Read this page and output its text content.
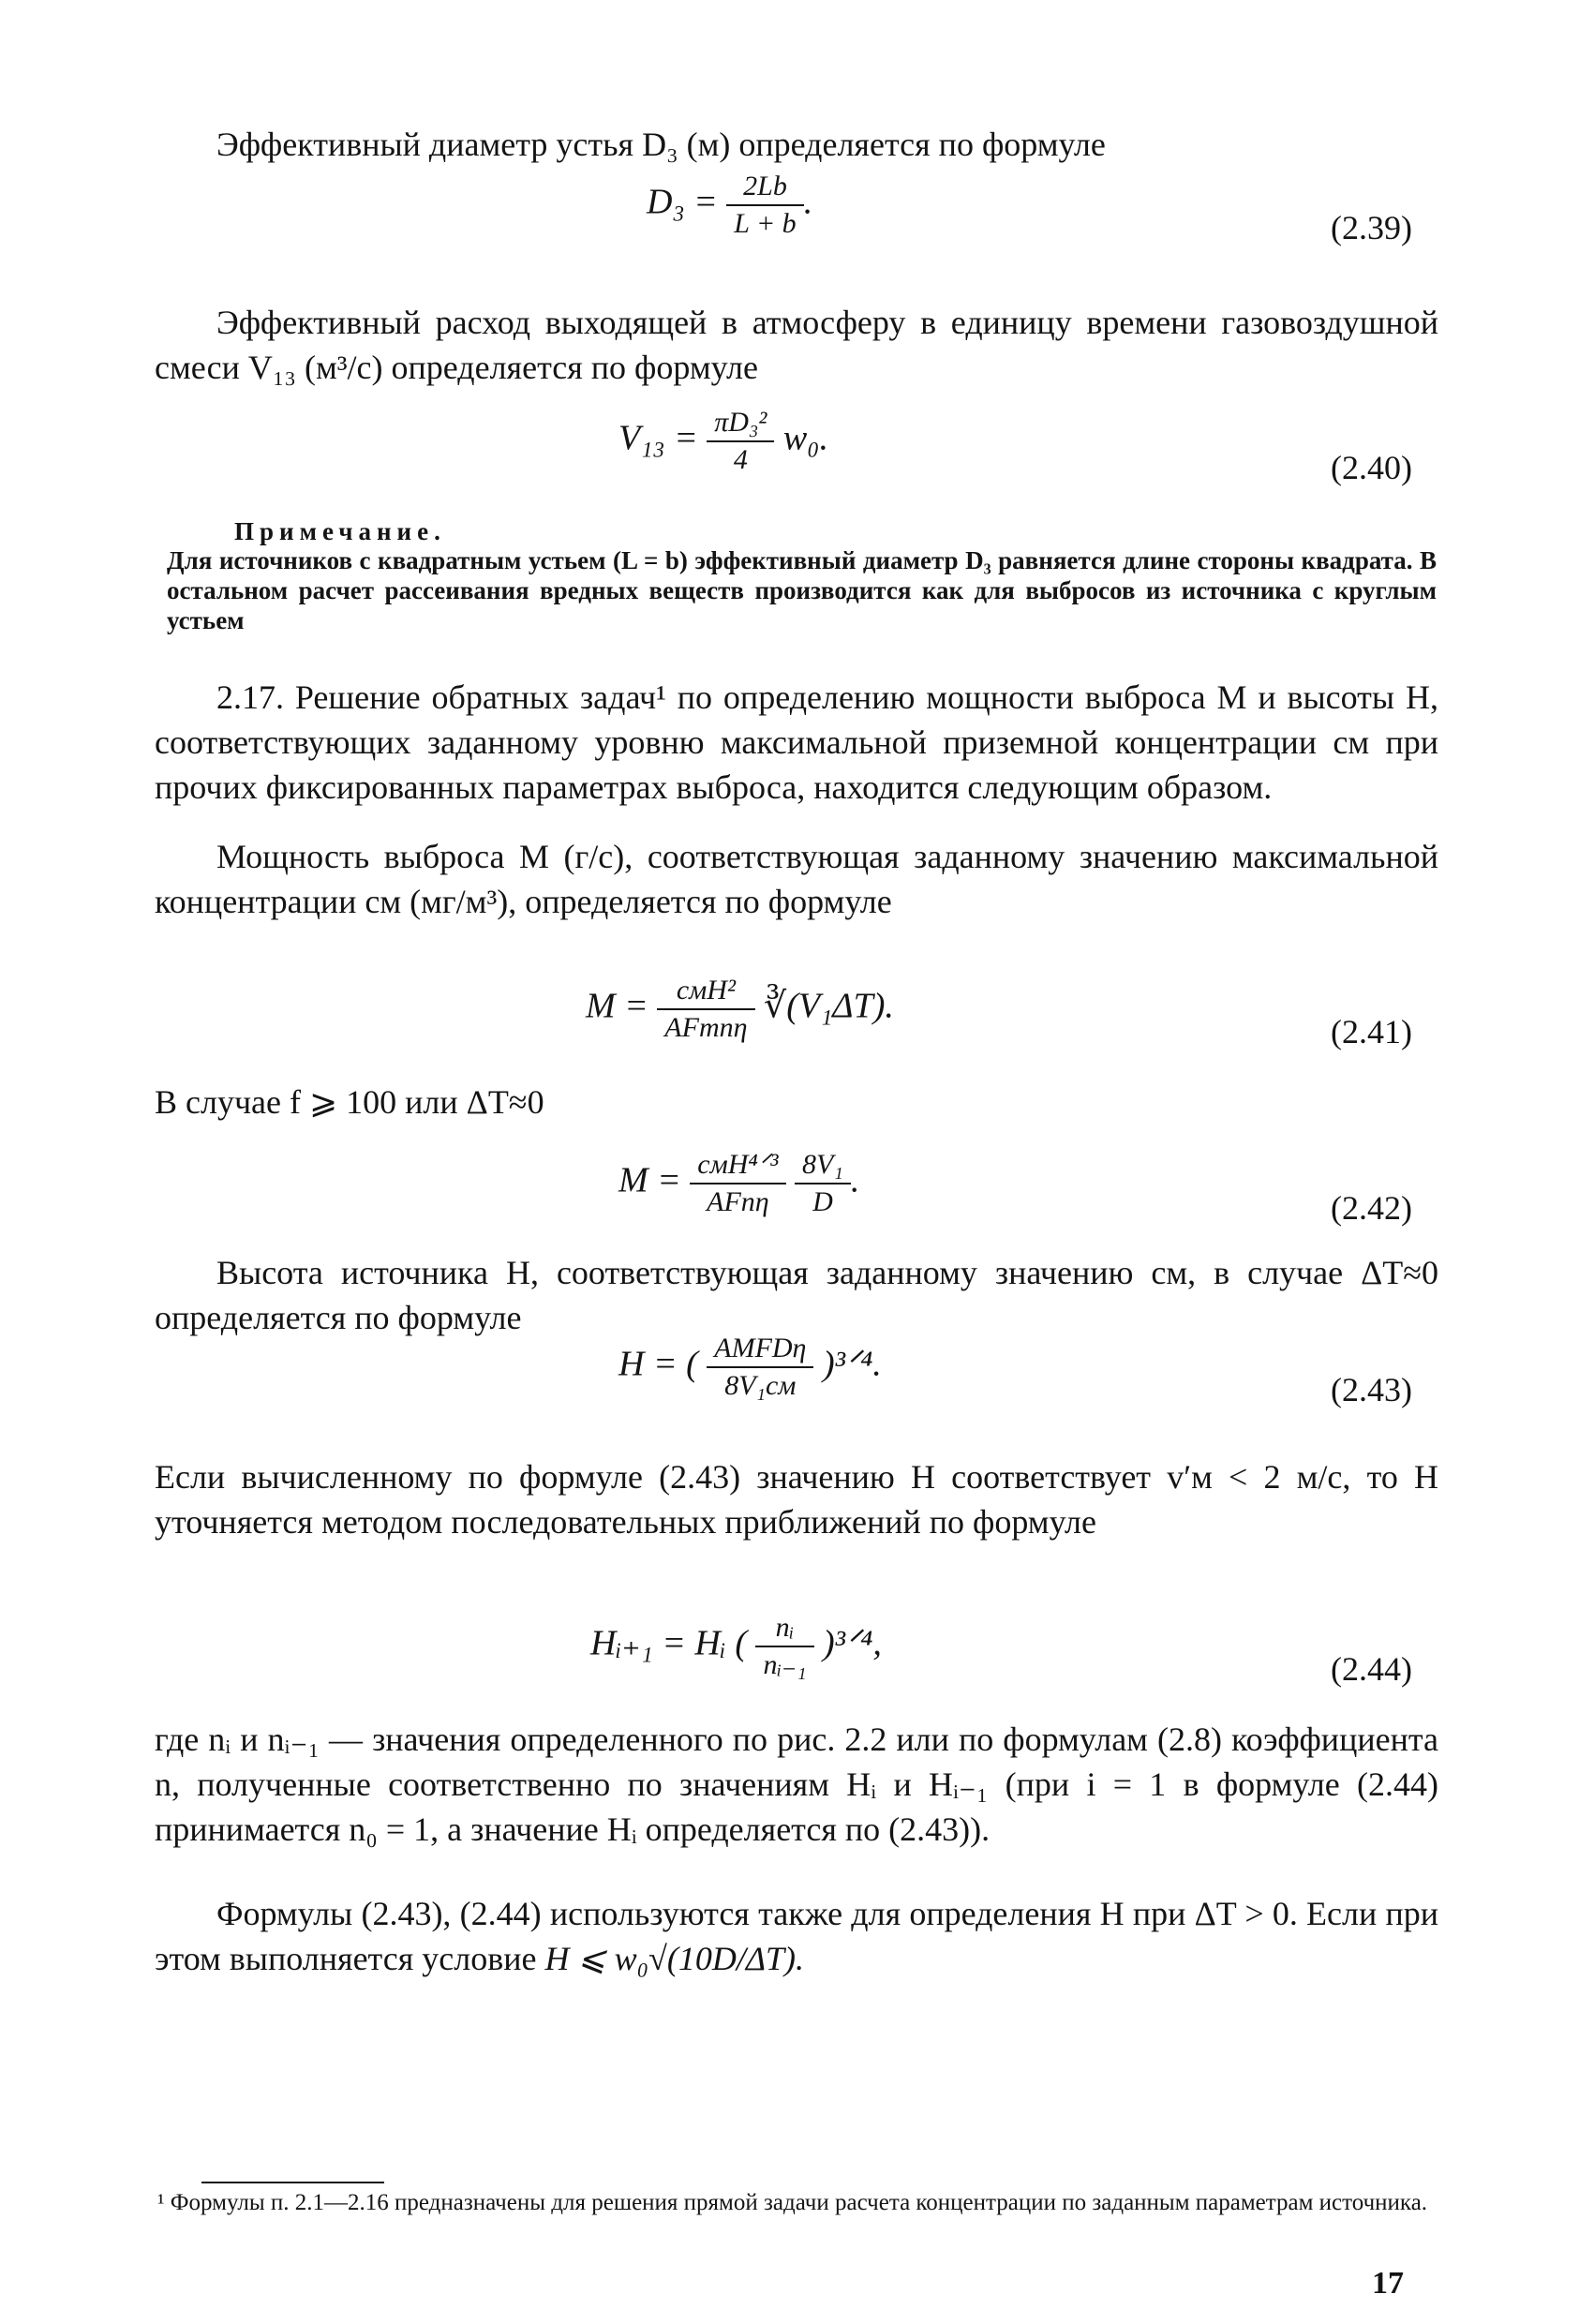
Эффективный диаметр устья D₃ (м) определяется по формуле
$D_3 = \frac{2Lb}{L + b}$ .
(2.39)
Эффективный расход выходящей в атмосферу в единицу времени газовоздушной смеси V₁₃ (м³/с) определяется по формуле
$V_{13} = \frac{\text{πD₃²}}{4} w_0$.
(2.40)
Примечание.
Для источников с квадратным устьем (L = b) эффективный диаметр D₃ равняется длине стороны квадрата. В остальном расчет рассеивания вредных веществ производится как для выбросов из источника с круглым устьем
2.17. Решение обратных задач¹ по определению мощности выброса M и высоты H, соответствующих заданному уровню максимальной приземной концентрации cм при прочих фиксированных параметрах выброса, находится следующим образом.
Мощность выброса M (г/с), соответствующая заданному значению максимальной концентрации cм (мг/м³), определяется по формуле
$M = \frac{\text{cмH²}}{\text{AFmnη}}$ ∛(V₁ΔT).
(2.41)
В случае f ⩾ 100 или ΔT≈0
$M = \frac{\text{cмH⁴ᐟ³}}{\text{AFnη}}$
$\frac{\text{8V₁}}{D}$ .
(2.42)
Высота источника H, соответствующая заданному значению cм, в случае ΔT≈0 определяется по формуле
H = ( $\frac{\text{AMFDη}}{\text{8V₁cм}}$ )³ᐟ⁴.
(2.43)
Если вычисленному по формуле (2.43) значению H соответствует v′м < 2 м/с, то H уточняется методом последовательных приближений по формуле
Hᵢ₊₁ = Hᵢ ( $\frac{\text{nᵢ}}{\text{nᵢ₋₁}}$ )³ᐟ⁴,
(2.44)
где nᵢ и nᵢ₋₁ — значения определенного по рис. 2.2 или по формулам (2.8) коэффициента n, полученные соответственно по значениям Hᵢ и Hᵢ₋₁ (при i = 1 в формуле (2.44) принимается n₀ = 1, а значение Hᵢ определяется по (2.43)).
Формулы (2.43), (2.44) используются также для определения H при ΔT > 0. Если при этом выполняется условие H ⩽ w₀√(10D/ΔT).
¹ Формулы п. 2.1—2.16 предназначены для решения прямой задачи расчета концентрации по заданным параметрам источника.
17
